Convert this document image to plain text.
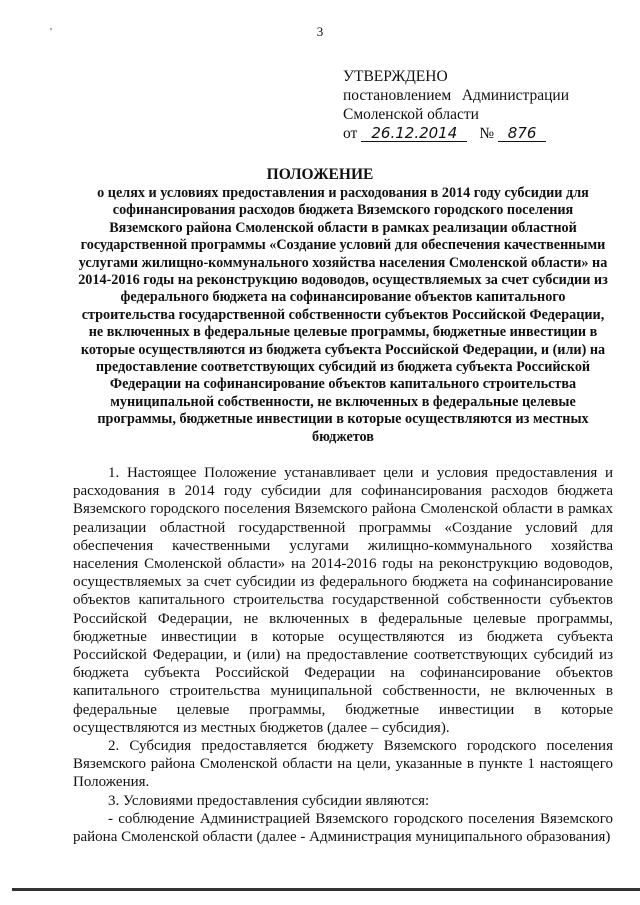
'	3
УТВЕРЖДЕНО
постановлением Администрации
Смоленской области
от 26.12.2014 № 876
ПОЛОЖЕНИЕ
о целях и условиях предоставления и расходования в 2014 году субсидии для софинансирования расходов бюджета Вяземского городского поселения Вяземского района Смоленской области в рамках реализации областной государственной программы «Создание условий для обеспечения качественными услугами жилищно-коммунального хозяйства населения Смоленской области» на 2014-2016 годы на реконструкцию водоводов, осуществляемых за счет субсидии из федерального бюджета на софинансирование объектов капитального строительства государственной собственности субъектов Российской Федерации, не включенных в федеральные целевые программы, бюджетные инвестиции в которые осуществляются из бюджета субъекта Российской Федерации, и (или) на предоставление соответствующих субсидий из бюджета субъекта Российской Федерации на софинансирование объектов капитального строительства муниципальной собственности, не включенных в федеральные целевые программы, бюджетные инвестиции в которые осуществляются из местных бюджетов

1. Настоящее Положение устанавливает цели и условия предоставления и расходования в 2014 году субсидии для софинансирования расходов бюджета Вяземского городского поселения Вяземского района Смоленской области в рамках реализации областной государственной программы «Создание условий для обеспечения качественными услугами жилищно-коммунального хозяйства населения Смоленской области» на 2014-2016 годы на реконструкцию водоводов, осуществляемых за счет субсидии из федерального бюджета на софинансирование объектов капитального строительства государственной собственности субъектов Российской Федерации, не включенных в федеральные целевые программы, бюджетные инвестиции в которые осуществляются из бюджета субъекта Российской Федерации, и (или) на предоставление соответствующих субсидий из бюджета субъекта Российской Федерации на софинансирование объектов капитального строительства муниципальной собственности, не включенных в федеральные целевые программы, бюджетные инвестиции в которые осуществляются из местных бюджетов (далее – субсидия).

2. Субсидия предоставляется бюджету Вяземского городского поселения Вяземского района Смоленской области на цели, указанные в пункте 1 настоящего Положения.

3. Условиями предоставления субсидии являются:

- соблюдение Администрацией Вяземского городского поселения Вяземского района Смоленской области (далее - Администрация муниципального образования)
